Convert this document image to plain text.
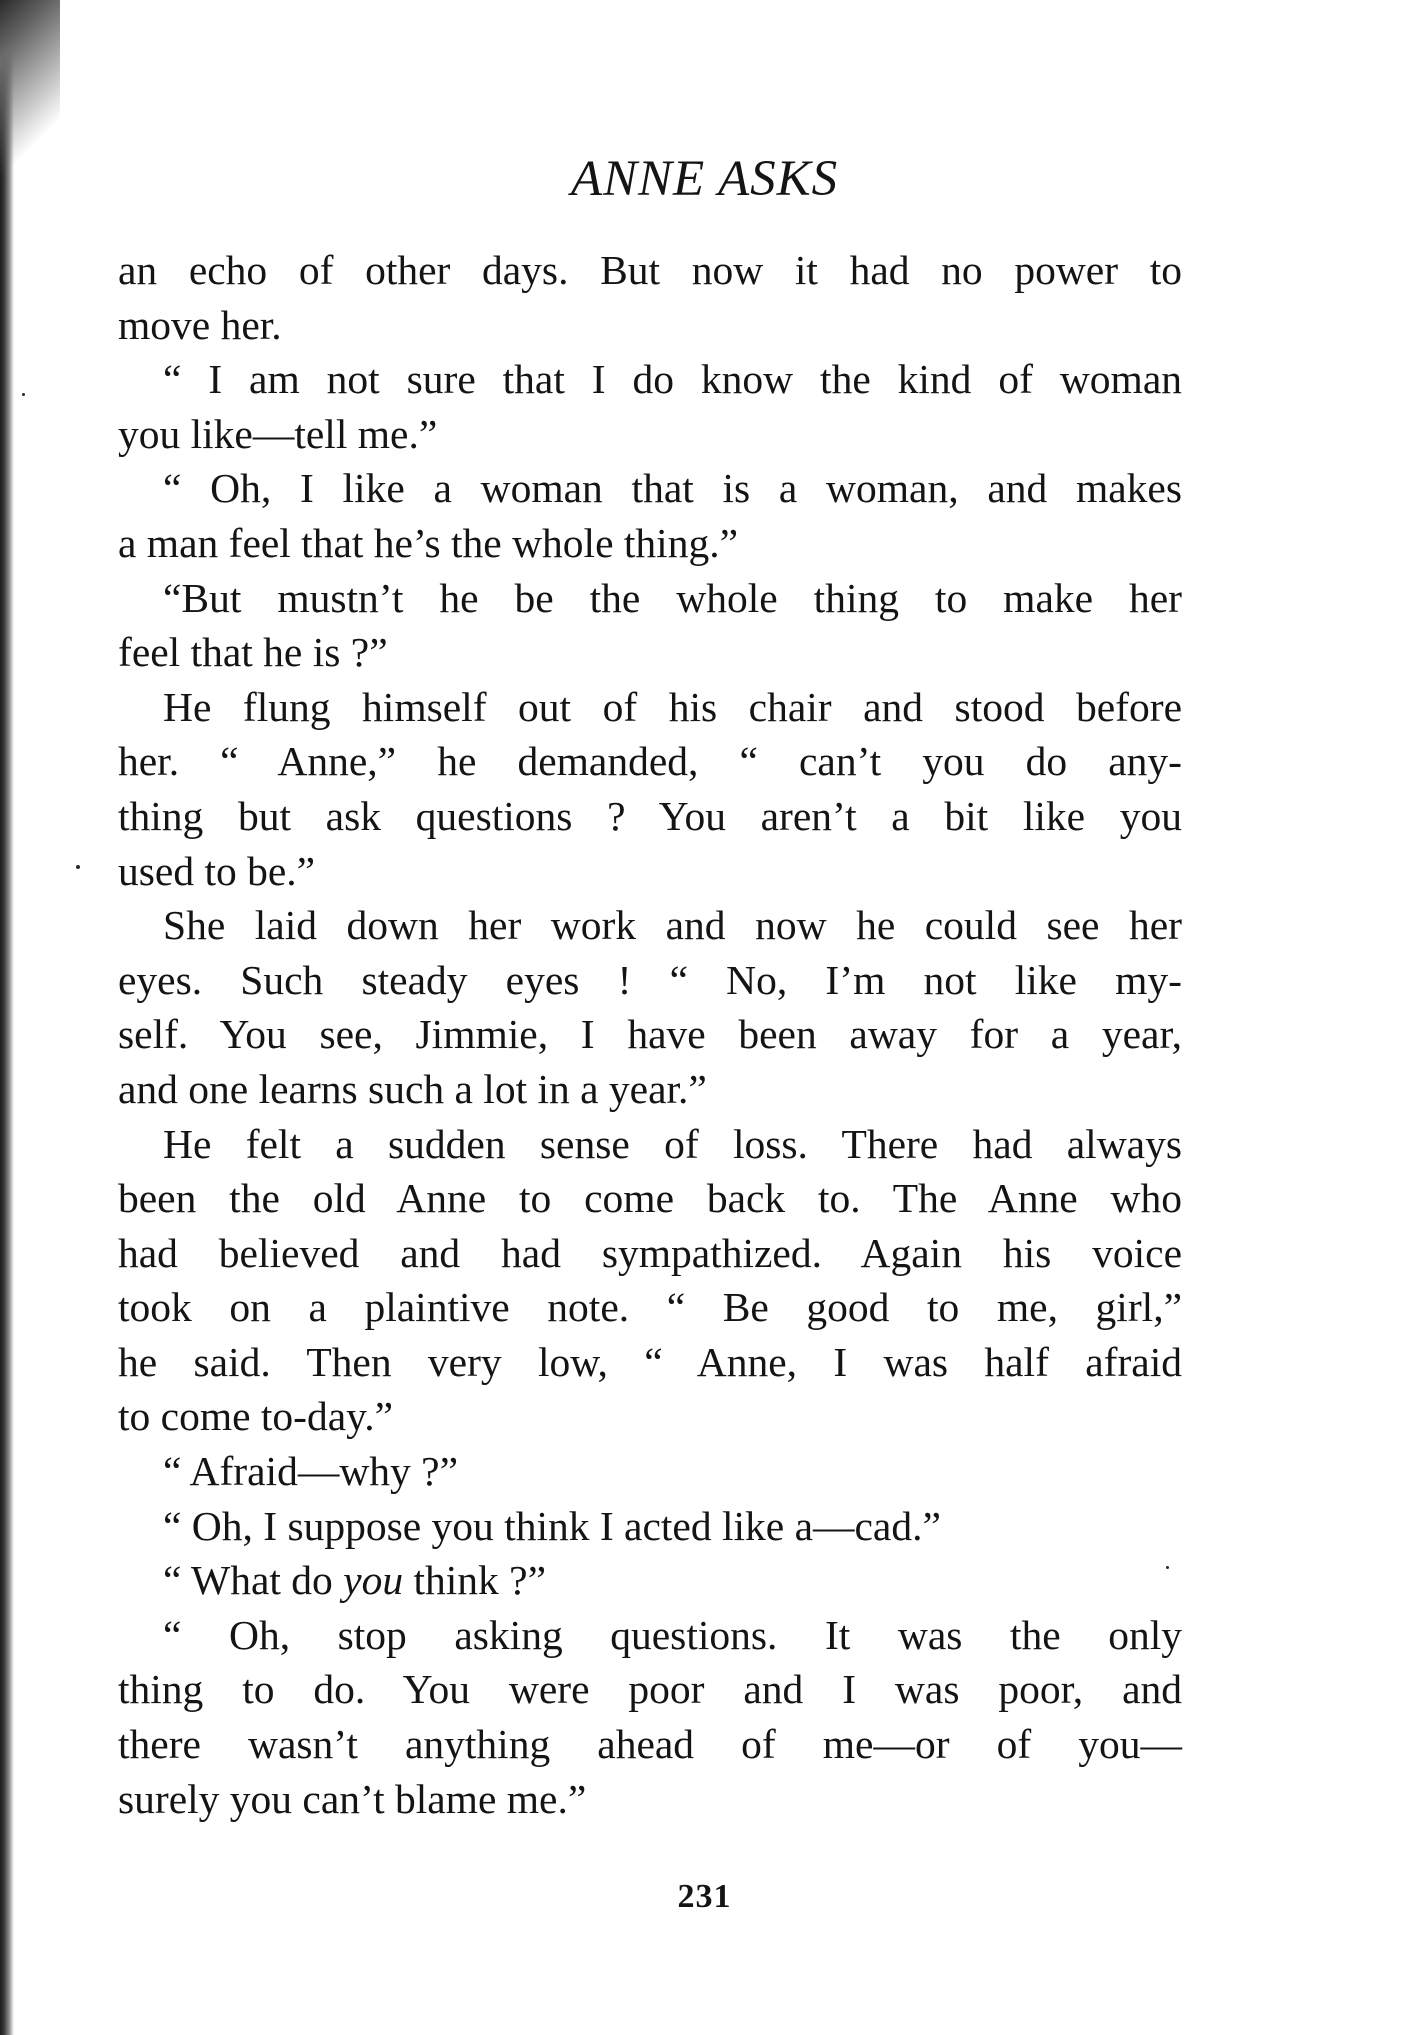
ANNE ASKS
an echo of other days. But now it had no power to
move her.
“ I am not sure that I do know the kind of woman
you like—tell me.”
“ Oh, I like a woman that is a woman, and makes
a man feel that he’s the whole thing.”
“But mustn’t he be the whole thing to make her
feel that he is ?”
He flung himself out of his chair and stood before
her. “ Anne,” he demanded, “ can’t you do any-
thing but ask questions ? You aren’t a bit like you
used to be.”
She laid down her work and now he could see her
eyes. Such steady eyes ! “ No, I’m not like my-
self. You see, Jimmie, I have been away for a year,
and one learns such a lot in a year.”
He felt a sudden sense of loss. There had always
been the old Anne to come back to. The Anne who
had believed and had sympathized. Again his voice
took on a plaintive note. “ Be good to me, girl,”
he said. Then very low, “ Anne, I was half afraid
to come to-day.”
“ Afraid—why ?”
“ Oh, I suppose you think I acted like a—cad.”
“ What do you think ?”
“ Oh, stop asking questions. It was the only
thing to do. You were poor and I was poor, and
there wasn’t anything ahead of me—or of you—
surely you can’t blame me.”
231
